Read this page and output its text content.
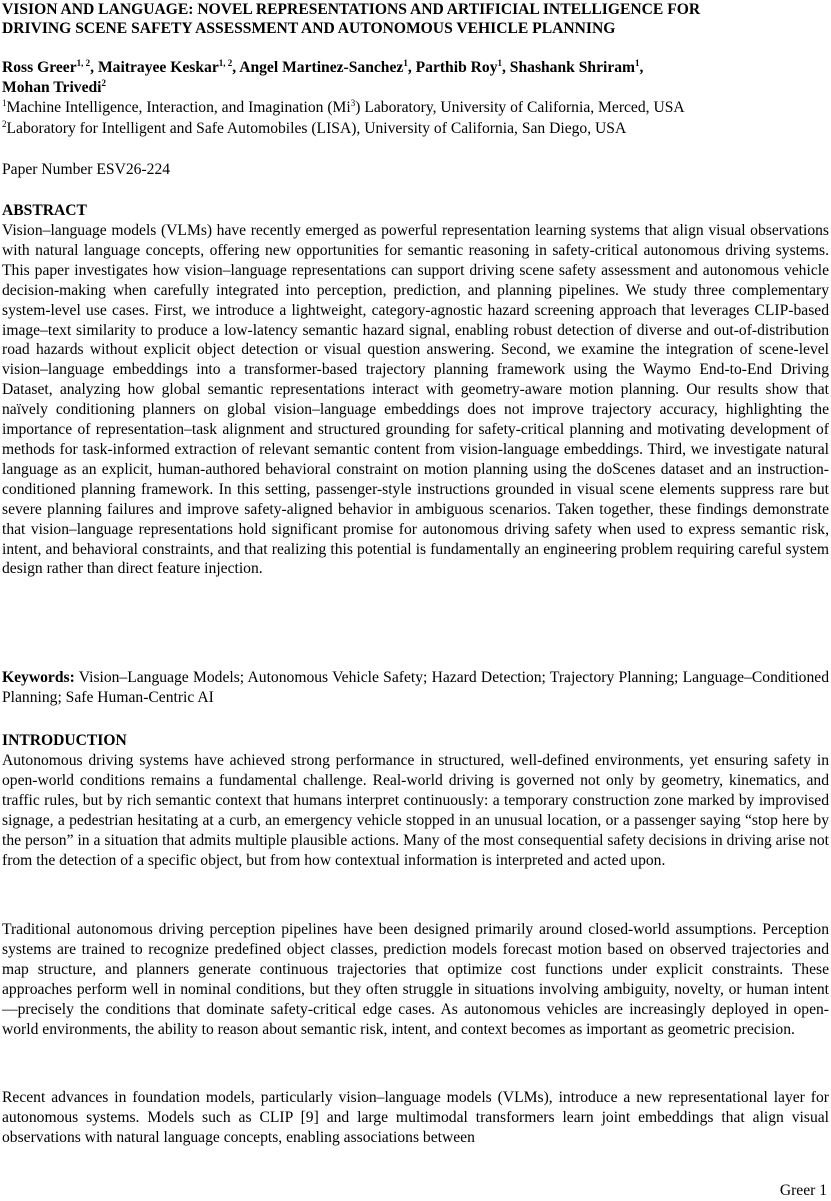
VISION AND LANGUAGE: NOVEL REPRESENTATIONS AND ARTIFICIAL INTELLIGENCE FOR
DRIVING SCENE SAFETY ASSESSMENT AND AUTONOMOUS VEHICLE PLANNING
Ross Greer$^{1, 2}$, Maitrayee Keskar$^{1, 2}$, Angel Martinez-Sanchez$^1$, Parthib Roy$^1$, Shashank Shriram$^1$,
Mohan Trivedi$^2$
$^1$Machine Intelligence, Interaction, and Imagination (Mi$^3$) Laboratory, University of California, Merced, USA
$^2$Laboratory for Intelligent and Safe Automobiles (LISA), University of California, San Diego, USA
Paper Number ESV26-224
ABSTRACT
Vision–language models (VLMs) have recently emerged as powerful representation learning systems that align visual observations with natural language concepts, offering new opportunities for semantic reasoning in safety-critical autonomous driving systems. This paper investigates how vision–language representations can support driving scene safety assessment and autonomous vehicle decision-making when carefully integrated into perception, prediction, and planning pipelines. We study three complementary system-level use cases. First, we introduce a lightweight, category-agnostic hazard screening approach that leverages CLIP-based image–text similarity to produce a low-latency semantic hazard signal, enabling robust detection of diverse and out-of-distribution road hazards without explicit object detection or visual question answering. Second, we examine the integration of scene-level vision–language embeddings into a transformer-based trajectory planning framework using the Waymo End-to-End Driving Dataset, analyzing how global semantic representations interact with geometry-aware motion planning. Our results show that naïvely conditioning planners on global vision–language embeddings does not improve trajectory accuracy, highlighting the importance of representation–task alignment and structured grounding for safety-critical planning and motivating development of methods for task-informed extraction of relevant semantic content from vision-language embeddings. Third, we investigate natural language as an explicit, human-authored behavioral constraint on motion planning using the doScenes dataset and an instruction-conditioned planning framework. In this setting, passenger-style instructions grounded in visual scene elements suppress rare but severe planning failures and improve safety-aligned behavior in ambiguous scenarios. Taken together, these findings demonstrate that vision–language representations hold significant promise for autonomous driving safety when used to express semantic risk, intent, and behavioral constraints, and that realizing this potential is fundamentally an engineering problem requiring careful system design rather than direct feature injection.
Keywords: Vision–Language Models; Autonomous Vehicle Safety; Hazard Detection; Trajectory Planning; Language–Conditioned Planning; Safe Human-Centric AI
INTRODUCTION
Autonomous driving systems have achieved strong performance in structured, well-defined environments, yet ensuring safety in open-world conditions remains a fundamental challenge. Real-world driving is governed not only by geometry, kinematics, and traffic rules, but by rich semantic context that humans interpret continuously: a temporary construction zone marked by improvised signage, a pedestrian hesitating at a curb, an emergency vehicle stopped in an unusual location, or a passenger saying “stop here by the person” in a situation that admits multiple plausible actions. Many of the most consequential safety decisions in driving arise not from the detection of a specific object, but from how contextual information is interpreted and acted upon.
Traditional autonomous driving perception pipelines have been designed primarily around closed-world assumptions. Perception systems are trained to recognize predefined object classes, prediction models forecast motion based on observed trajectories and map structure, and planners generate continuous trajectories that optimize cost functions under explicit constraints. These approaches perform well in nominal conditions, but they often struggle in situations involving ambiguity, novelty, or human intent—precisely the conditions that dominate safety-critical edge cases. As autonomous vehicles are increasingly deployed in open-world environments, the ability to reason about semantic risk, intent, and context becomes as important as geometric precision.
Recent advances in foundation models, particularly vision–language models (VLMs), introduce a new representational layer for autonomous systems. Models such as CLIP [9] and large multimodal transformers learn joint embeddings that align visual observations with natural language concepts, enabling associations between
Greer 1
